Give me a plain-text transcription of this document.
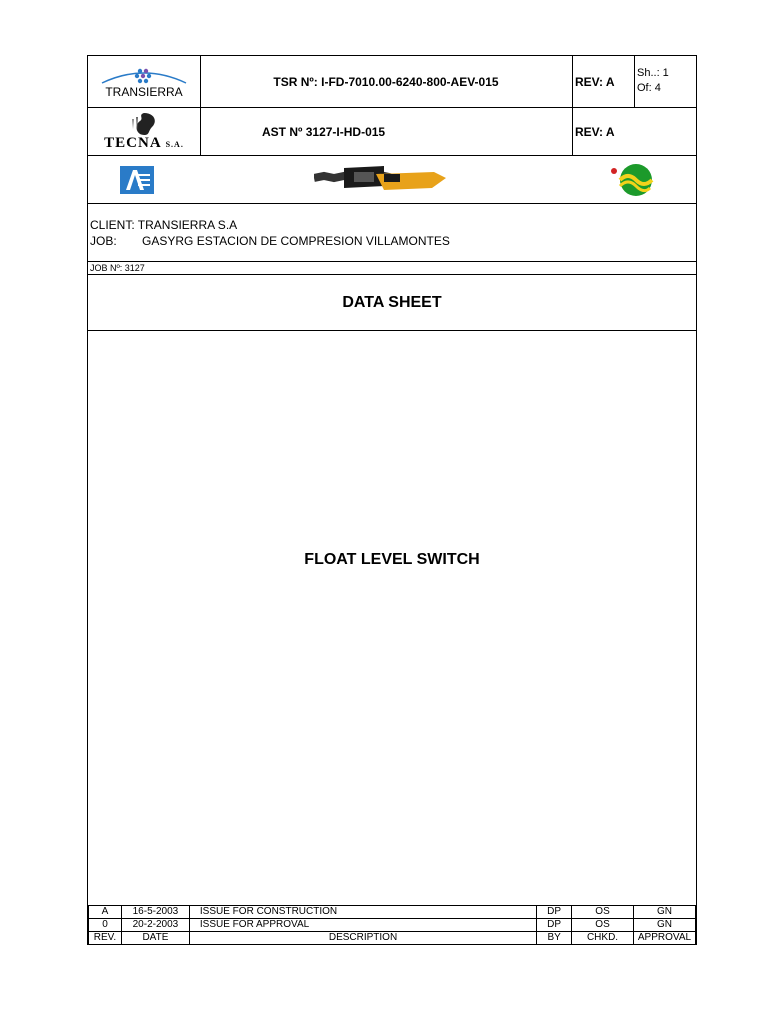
TRANSIERRA
TSR Nº: I-FD-7010.00-6240-800-AEV-015	REV: A
Sh..: 1
Of: 4
TECNA S.A.
AST Nº 3127-I-HD-015	REV: A
CLIENT: TRANSIERRA S.A
JOB: GASYRG ESTACION DE COMPRESION VILLAMONTES
JOB Nº: 3127
DATA SHEET
FLOAT LEVEL SWITCH
A	16-5-2003	ISSUE FOR CONSTRUCTION	DP	OS	GN
0	20-2-2003	ISSUE FOR APPROVAL	DP	OS	GN
REV.	DATE	DESCRIPTION	BY	CHKD.	APPROVAL
